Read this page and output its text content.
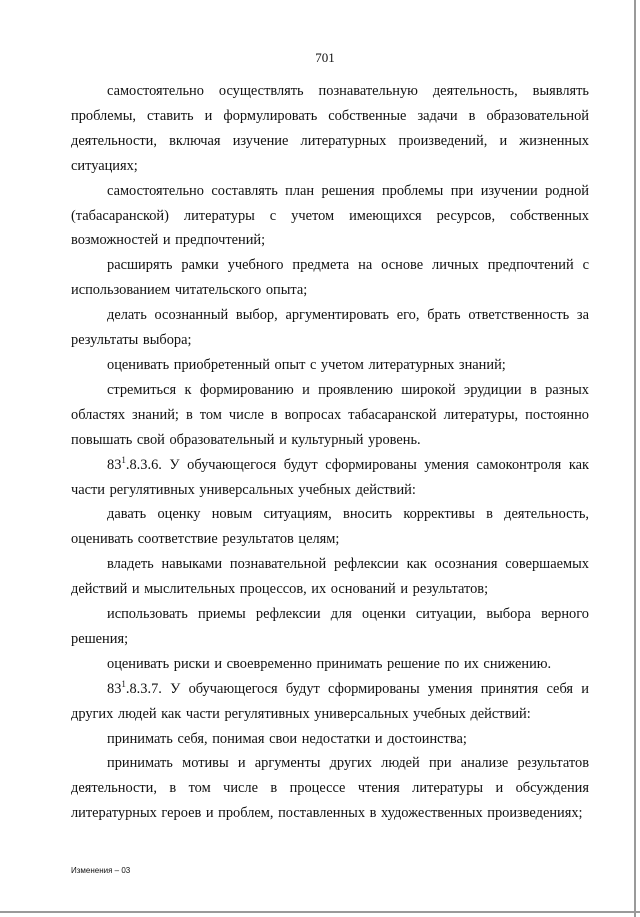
701

самостоятельно осуществлять познавательную деятельность, выявлять проблемы, ставить и формулировать собственные задачи в образовательной деятельности, включая изучение литературных произведений, и жизненных ситуациях;

самостоятельно составлять план решения проблемы при изучении родной (табасаранской) литературы с учетом имеющихся ресурсов, собственных возможностей и предпочтений;

расширять рамки учебного предмета на основе личных предпочтений с использованием читательского опыта;

делать осознанный выбор, аргументировать его, брать ответственность за результаты выбора;

оценивать приобретенный опыт с учетом литературных знаний;

стремиться к формированию и проявлению широкой эрудиции в разных областях знаний; в том числе в вопросах табасаранской литературы, постоянно повышать свой образовательный и культурный уровень.

$83^1.8.3.6$. У обучающегося будут сформированы умения самоконтроля как части регулятивных универсальных учебных действий:

давать оценку новым ситуациям, вносить коррективы в деятельность, оценивать соответствие результатов целям;

владеть навыками познавательной рефлексии как осознания совершаемых действий и мыслительных процессов, их оснований и результатов;

использовать приемы рефлексии для оценки ситуации, выбора верного решения;

оценивать риски и своевременно принимать решение по их снижению.

$83^1.8.3.7$. У обучающегося будут сформированы умения принятия себя и других людей как части регулятивных универсальных учебных действий:

принимать себя, понимая свои недостатки и достоинства;

принимать мотивы и аргументы других людей при анализе результатов деятельности, в том числе в процессе чтения литературы и обсуждения литературных героев и проблем, поставленных в художественных произведениях;

Изменения – 03
